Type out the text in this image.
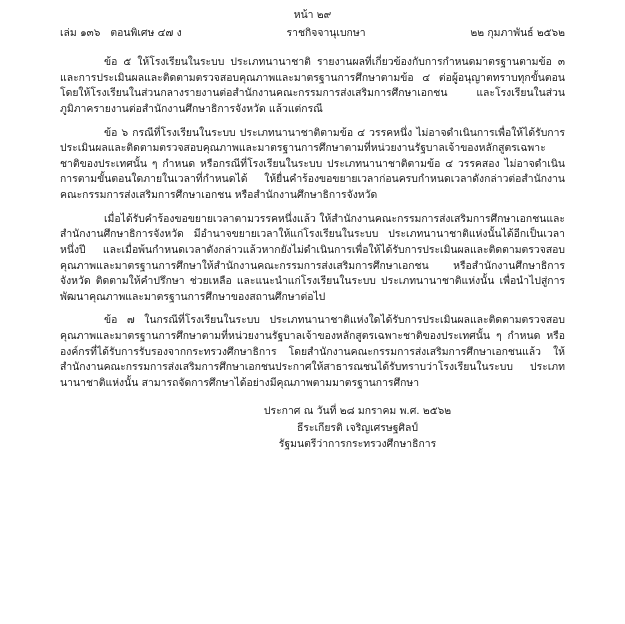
หน้า ๒๙
เล่ม ๑๓๖ ตอนพิเศษ ๔๗ ง	ราชกิจจานุเบกษา	๒๒ กุมภาพันธ์ ๒๕๖๒

ข้อ ๕ ให้โรงเรียนในระบบ ประเภทนานาชาติ รายงานผลที่เกี่ยวข้องกับการกำหนดมาตรฐานตามข้อ ๓ และการประเมินผลและติดตามตรวจสอบคุณภาพและมาตรฐานการศึกษาตามข้อ ๔ ต่อผู้อนุญาตทราบทุกขั้นตอน โดยให้โรงเรียนในส่วนกลางรายงานต่อสำนักงานคณะกรรมการส่งเสริมการศึกษาเอกชน และโรงเรียนในส่วนภูมิภาครายงานต่อสำนักงานศึกษาธิการจังหวัด แล้วแต่กรณี

ข้อ ๖ กรณีที่โรงเรียนในระบบ ประเภทนานาชาติตามข้อ ๔ วรรคหนึ่ง ไม่อาจดำเนินการเพื่อให้ได้รับการประเมินผลและติดตามตรวจสอบคุณภาพและมาตรฐานการศึกษาตามที่หน่วยงานรัฐบาลเจ้าของหลักสูตรเฉพาะชาติของประเทศนั้น ๆ กำหนด หรือกรณีที่โรงเรียนในระบบ ประเภทนานาชาติตามข้อ ๔ วรรคสอง ไม่อาจดำเนินการตามขั้นตอนใดภายในเวลาที่กำหนดได้ ให้ยื่นคำร้องขอขยายเวลาก่อนครบกำหนดเวลาดังกล่าวต่อสำนักงานคณะกรรมการส่งเสริมการศึกษาเอกชน หรือสำนักงานศึกษาธิการจังหวัด

เมื่อได้รับคำร้องขอขยายเวลาตามวรรคหนึ่งแล้ว ให้สำนักงานคณะกรรมการส่งเสริมการศึกษาเอกชนและสำนักงานศึกษาธิการจังหวัด มีอำนาจขยายเวลาให้แก่โรงเรียนในระบบ ประเภทนานาชาติแห่งนั้นได้อีกเป็นเวลาหนึ่งปี และเมื่อพ้นกำหนดเวลาดังกล่าวแล้วหากยังไม่ดำเนินการเพื่อให้ได้รับการประเมินผลและติดตามตรวจสอบคุณภาพและมาตรฐานการศึกษาให้สำนักงานคณะกรรมการส่งเสริมการศึกษาเอกชน หรือสำนักงานศึกษาธิการจังหวัด ติดตามให้คำปรึกษา ช่วยเหลือ และแนะนำแก่โรงเรียนในระบบ ประเภทนานาชาติแห่งนั้น เพื่อนำไปสู่การพัฒนาคุณภาพและมาตรฐานการศึกษาของสถานศึกษาต่อไป

ข้อ ๗ ในกรณีที่โรงเรียนในระบบ ประเภทนานาชาติแห่งใดได้รับการประเมินผลและติดตามตรวจสอบคุณภาพและมาตรฐานการศึกษาตามที่หน่วยงานรัฐบาลเจ้าของหลักสูตรเฉพาะชาติของประเทศนั้น ๆ กำหนด หรือองค์กรที่ได้รับการรับรองจากกระทรวงศึกษาธิการ โดยสำนักงานคณะกรรมการส่งเสริมการศึกษาเอกชนแล้ว ให้สำนักงานคณะกรรมการส่งเสริมการศึกษาเอกชนประกาศให้สาธารณชนได้รับทราบว่าโรงเรียนในระบบ ประเภทนานาชาติแห่งนั้น สามารถจัดการศึกษาได้อย่างมีคุณภาพตามมาตรฐานการศึกษา

ประกาศ ณ วันที่ ๒๘ มกราคม พ.ศ. ๒๕๖๒
ธีระเกียรติ เจริญเศรษฐศิลป์
รัฐมนตรีว่าการกระทรวงศึกษาธิการ
